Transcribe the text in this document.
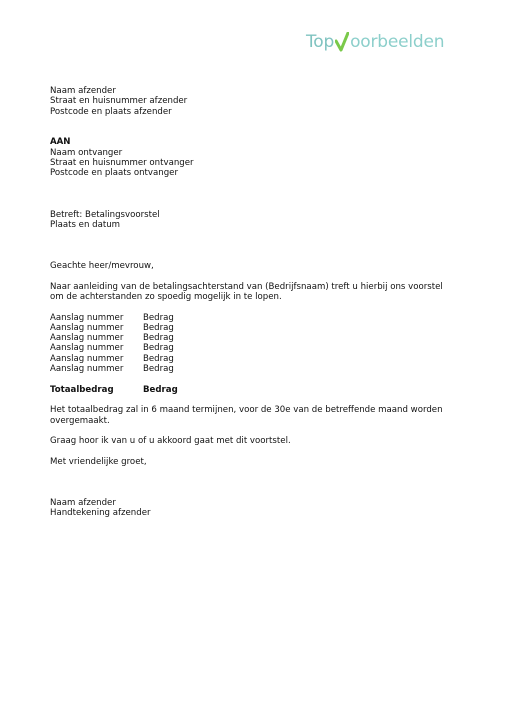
Top oorbeelden
Naam afzender
Straat en huisnummer afzender
Postcode en plaats afzender
AAN
Naam ontvanger
Straat en huisnummer ontvanger
Postcode en plaats ontvanger
Betreft: Betalingsvoorstel
Plaats en datum
Geachte heer/mevrouw,
Naar aanleiding van de betalingsachterstand van (Bedrijfsnaam) treft u hierbij ons voorstel
om de achterstanden zo spoedig mogelijk in te lopen.
Aanslag nummer	Bedrag
Aanslag nummer	Bedrag
Aanslag nummer	Bedrag
Aanslag nummer	Bedrag
Aanslag nummer	Bedrag
Aanslag nummer	Bedrag
Totaalbedrag	Bedrag
Het totaalbedrag zal in 6 maand termijnen, voor de 30e van de betreffende maand worden
overgemaakt.
Graag hoor ik van u of u akkoord gaat met dit voortstel.
Met vriendelijke groet,
Naam afzender
Handtekening afzender
